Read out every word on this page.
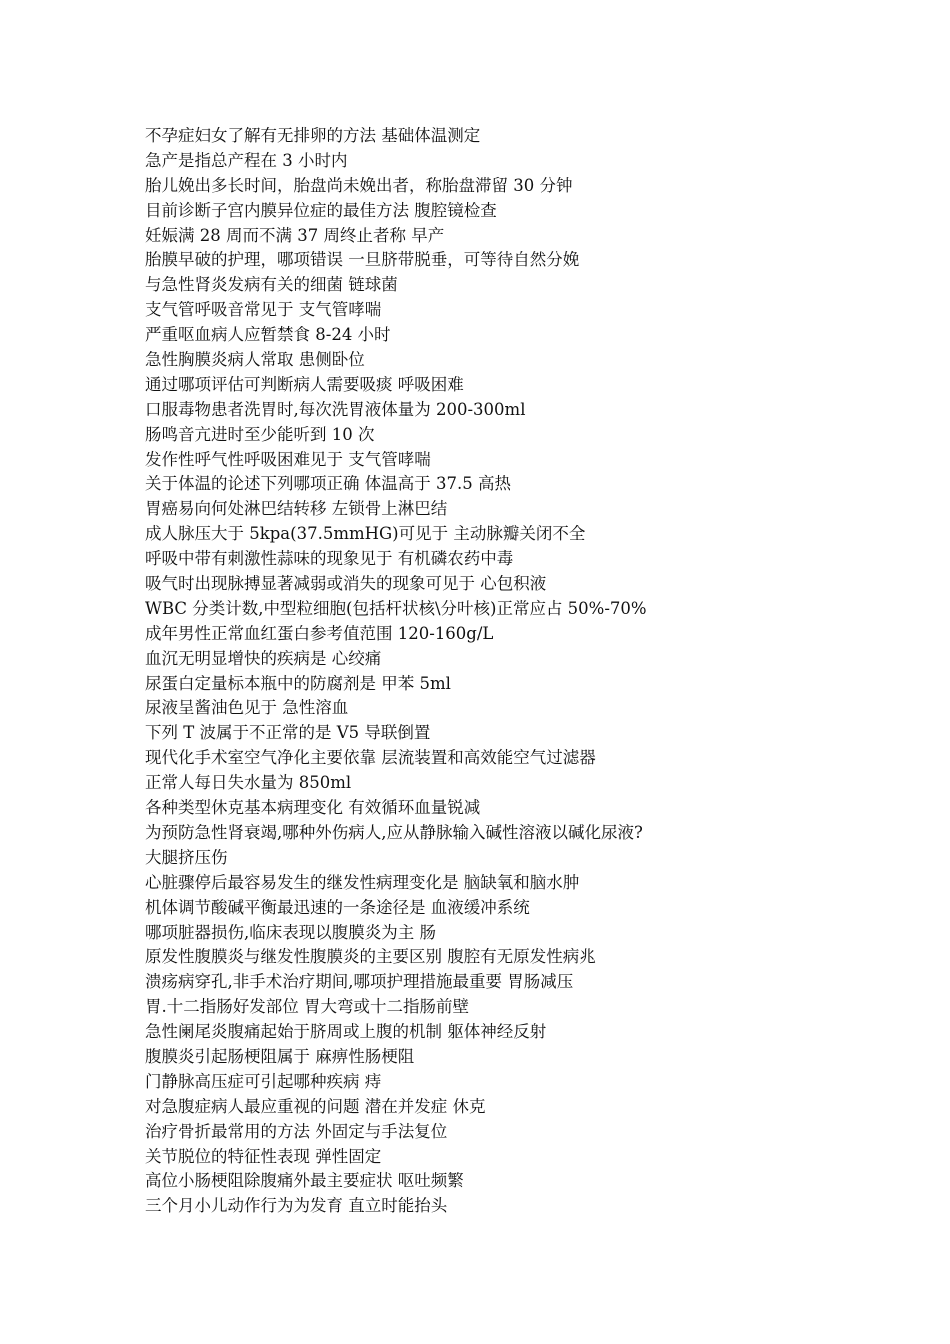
不孕症妇女了解有无排卵的方法 基础体温测定
急产是指总产程在 3 小时内
胎儿娩出多长时间，胎盘尚未娩出者，称胎盘滞留 30 分钟
目前诊断子宫内膜异位症的最佳方法 腹腔镜检查
妊娠满 28 周而不满 37 周终止者称 早产
胎膜早破的护理，哪项错误 一旦脐带脱垂，可等待自然分娩
与急性肾炎发病有关的细菌 链球菌
支气管呼吸音常见于 支气管哮喘
严重呕血病人应暂禁食 8-24 小时
急性胸膜炎病人常取 患侧卧位
通过哪项评估可判断病人需要吸痰 呼吸困难
口服毒物患者洗胃时,每次洗胃液体量为 200-300ml
肠鸣音亢进时至少能听到 10 次
发作性呼气性呼吸困难见于 支气管哮喘
关于体温的论述下列哪项正确 体温高于 37.5 高热
胃癌易向何处淋巴结转移 左锁骨上淋巴结
成人脉压大于 5kpa(37.5mmHG)可见于 主动脉瓣关闭不全
呼吸中带有刺激性蒜味的现象见于 有机磷农药中毒
吸气时出现脉搏显著减弱或消失的现象可见于 心包积液
WBC 分类计数,中型粒细胞(包括杆状核\分叶核)正常应占 50%-70%
成年男性正常血红蛋白参考值范围 120-160g/L
血沉无明显增快的疾病是 心绞痛
尿蛋白定量标本瓶中的防腐剂是 甲苯 5ml
尿液呈酱油色见于 急性溶血
下列 T 波属于不正常的是 V5 导联倒置
现代化手术室空气净化主要依靠 层流装置和高效能空气过滤器
正常人每日失水量为 850ml
各种类型休克基本病理变化 有效循环血量锐减
为预防急性肾衰竭,哪种外伤病人,应从静脉输入碱性溶液以碱化尿液?
大腿挤压伤
心脏骤停后最容易发生的继发性病理变化是 脑缺氧和脑水肿
机体调节酸碱平衡最迅速的一条途径是 血液缓冲系统
哪项脏器损伤,临床表现以腹膜炎为主 肠
原发性腹膜炎与继发性腹膜炎的主要区别 腹腔有无原发性病兆
溃疡病穿孔,非手术治疗期间,哪项护理措施最重要 胃肠减压
胃.十二指肠好发部位 胃大弯或十二指肠前壁
急性阑尾炎腹痛起始于脐周或上腹的机制 躯体神经反射
腹膜炎引起肠梗阻属于 麻痹性肠梗阻
门静脉高压症可引起哪种疾病 痔
对急腹症病人最应重视的问题 潜在并发症 休克
治疗骨折最常用的方法 外固定与手法复位
关节脱位的特征性表现 弹性固定
高位小肠梗阻除腹痛外最主要症状 呕吐频繁
三个月小儿动作行为为发育 直立时能抬头
